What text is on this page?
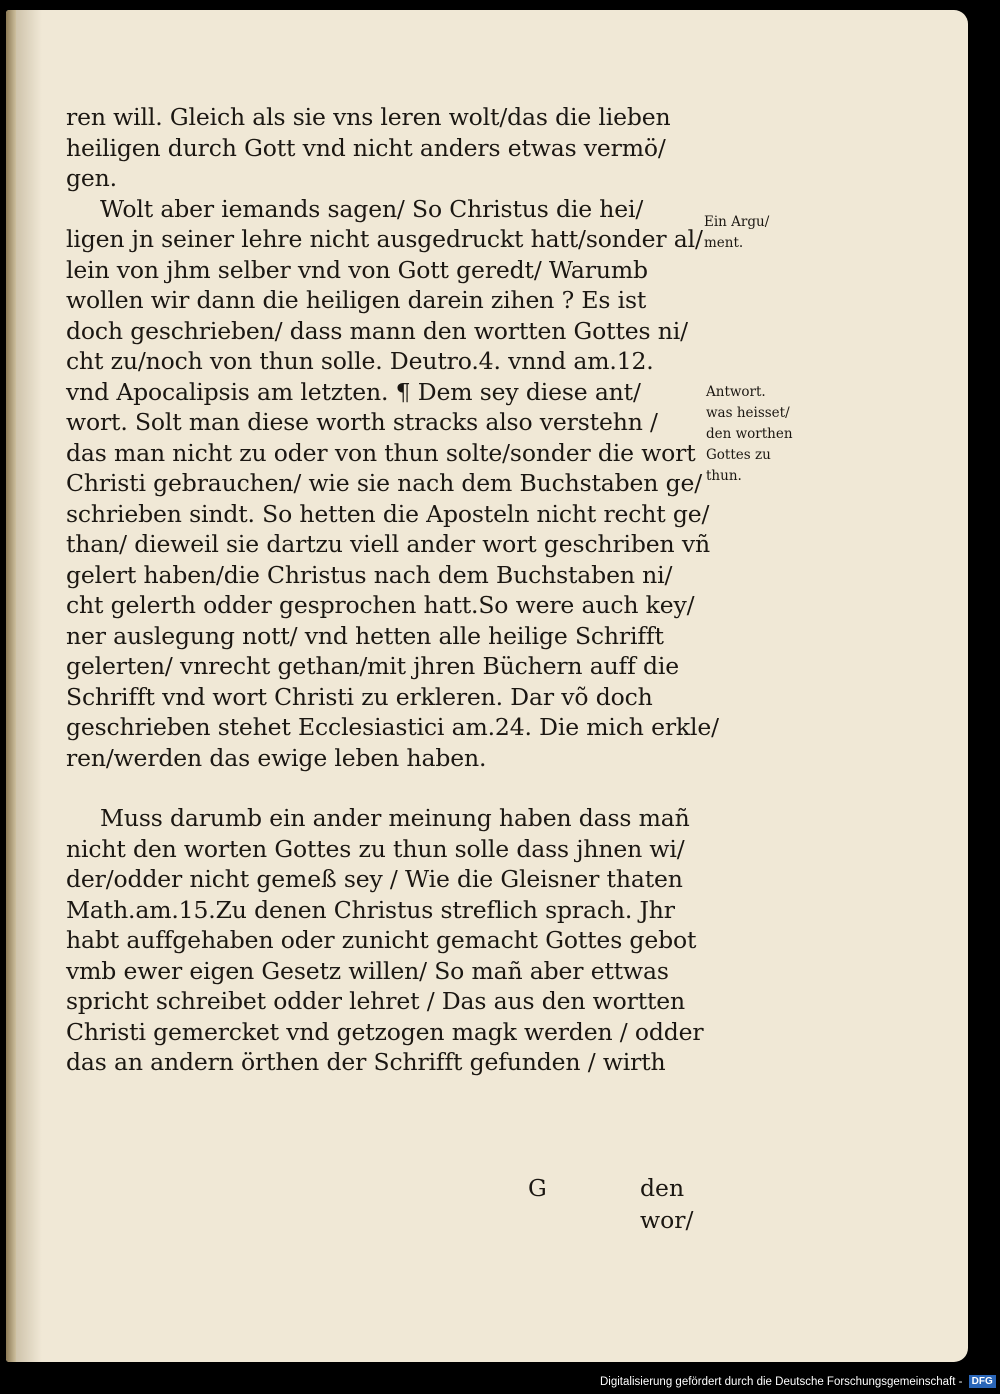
ren will. Gleich als sie vns leren wolt/das die lieben
heiligen durch Gott vnd nicht anders etwas vermö/
gen.
Wolt aber iemands sagen/ So Christus die hei/
ligen jn seiner lehre nicht ausgedruckt hatt/sonder al/
lein von jhm selber vnd von Gott geredt/ Warumb
wollen wir dann die heiligen darein zihen ? Es ist
doch geschrieben/ dass mann den wortten Gottes ni/
cht zu/noch von thun solle. Deutro.4. vnnd am.12.
vnd Apocalipsis am letzten. ¶ Dem sey diese ant/
wort. Solt man diese worth stracks also verstehn /
das man nicht zu oder von thun solte/sonder die wort
Christi gebrauchen/ wie sie nach dem Buchstaben ge/
schrieben sindt. So hetten die Aposteln nicht recht ge/
than/ dieweil sie dartzu viell ander wort geschriben vñ
gelert haben/die Christus nach dem Buchstaben ni/
cht gelerth odder gesprochen hatt.So were auch key/
ner auslegung nott/ vnd hetten alle heilige Schrifft
gelerten/ vnrecht gethan/mit jhren Büchern auff die
Schrifft vnd wort Christi zu erkleren. Dar võ doch
geschrieben stehet Ecclesiastici am.24. Die mich erkle/
ren/werden das ewige leben haben.
Muss darumb ein ander meinung haben dass mañ
nicht den worten Gottes zu thun solle dass jhnen wi/
der/odder nicht gemeß sey / Wie die Gleisner thaten
Math.am.15.Zu denen Christus streflich sprach. Jhr
habt auffgehaben oder zunicht gemacht Gottes gebot
vmb ewer eigen Gesetz willen/ So mañ aber ettwas
spricht schreibet odder lehret / Das aus den wortten
Christi gemercket vnd getzogen magk werden / odder
das an andern örthen der Schrifft gefunden / wirth
G	den wor/
Ein Argu/
ment.
Antwort.
was heisset/
den worthen
Gottes zu
thun.
Digitalisierung gefördert durch die Deutsche Forschungsgemeinschaft - DFG
